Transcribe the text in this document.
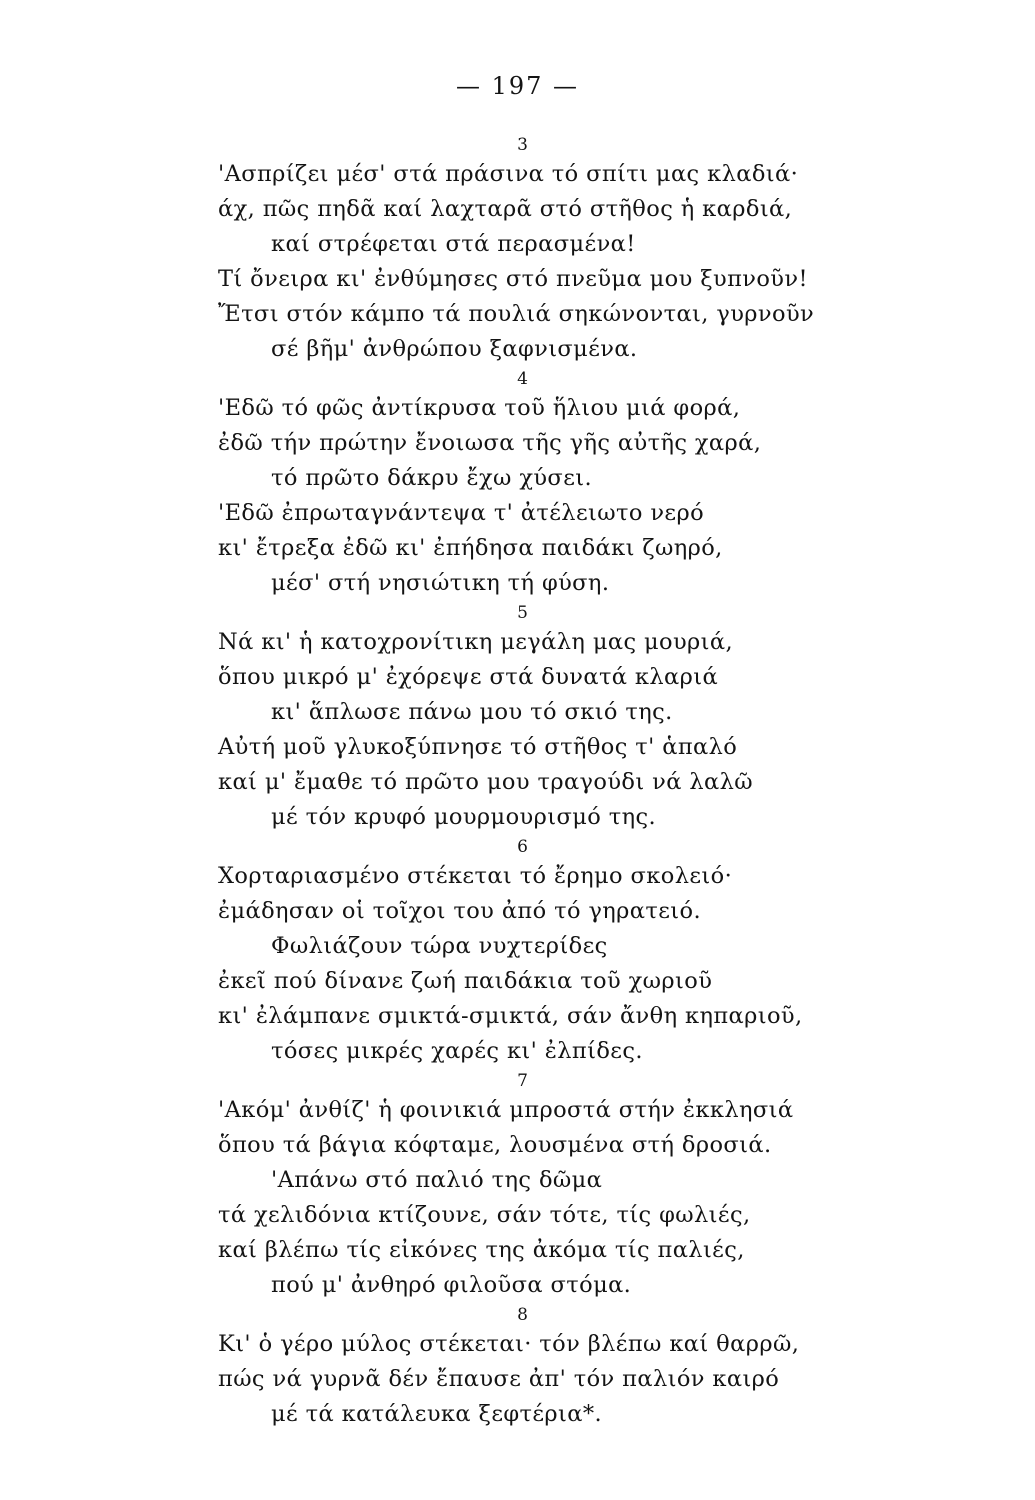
— 197 —
3
'Ασπρίζει μέσ' στά πράσινα τό σπίτι μας κλαδιά·
άχ, πῶς πηδᾶ καί λαχταρᾶ στό στῆθος ἡ καρδιά,
καί στρέφεται στά περασμένα!
Τί ὄνειρα κι' ἐνθύμησες στό πνεῦμα μου ξυπνοῦν!
Ἔτσι στόν κάμπο τά πουλιά σηκώνονται, γυρνοῦν
σέ βῆμ' ἀνθρώπου ξαφνισμένα.
4
'Εδῶ τό φῶς ἀντίκρυσα τοῦ ἥλιου μιά φορά,
ἐδῶ τήν πρώτην ἔνοιωσα τῆς γῆς αὐτῆς χαρά,
τό πρῶτο δάκρυ ἔχω χύσει.
'Εδῶ ἐπρωταγνάντεψα τ' ἀτέλειωτο νερό
κι' ἔτρεξα ἐδῶ κι' ἐπήδησα παιδάκι ζωηρό,
μέσ' στή νησιώτικη τή φύση.
5
Νά κι' ἡ κατοχρονίτικη μεγάλη μας μουριά,
ὅπου μικρό μ' ἐχόρεψε στά δυνατά κλαριά
κι' ἅπλωσε πάνω μου τό σκιό της.
Αὐτή μοῦ γλυκοξύπνησε τό στῆθος τ' ἁπαλό
καί μ' ἔμαθε τό πρῶτο μου τραγούδι νά λαλῶ
μέ τόν κρυφό μουρμουρισμό της.
6
Χορταριασμένο στέκεται τό ἔρημο σκολειό·
ἐμάδησαν οἱ τοῖχοι του ἀπό τό γηρατειό.
Φωλιάζουν τώρα νυχτερίδες
ἐκεῖ πού δίνανε ζωή παιδάκια τοῦ χωριοῦ
κι' ἐλάμπανε σμικτά-σμικτά, σάν ἄνθη κηπαριοῦ,
τόσες μικρές χαρές κι' ἐλπίδες.
7
'Ακόμ' ἀνθίζ' ἡ φοινικιά μπροστά στήν ἐκκλησιά
ὅπου τά βάγια κόφταμε, λουσμένα στή δροσιά.
'Απάνω στό παλιό της δῶμα
τά χελιδόνια κτίζουνε, σάν τότε, τίς φωλιές,
καί βλέπω τίς εἰκόνες της ἀκόμα τίς παλιές,
πού μ' ἀνθηρό φιλοῦσα στόμα.
8
Κι' ὁ γέρο μύλος στέκεται· τόν βλέπω καί θαρρῶ,
πώς νά γυρνᾶ δέν ἔπαυσε ἀπ' τόν παλιόν καιρό
μέ τά κατάλευκα ξεφτέρια*.
